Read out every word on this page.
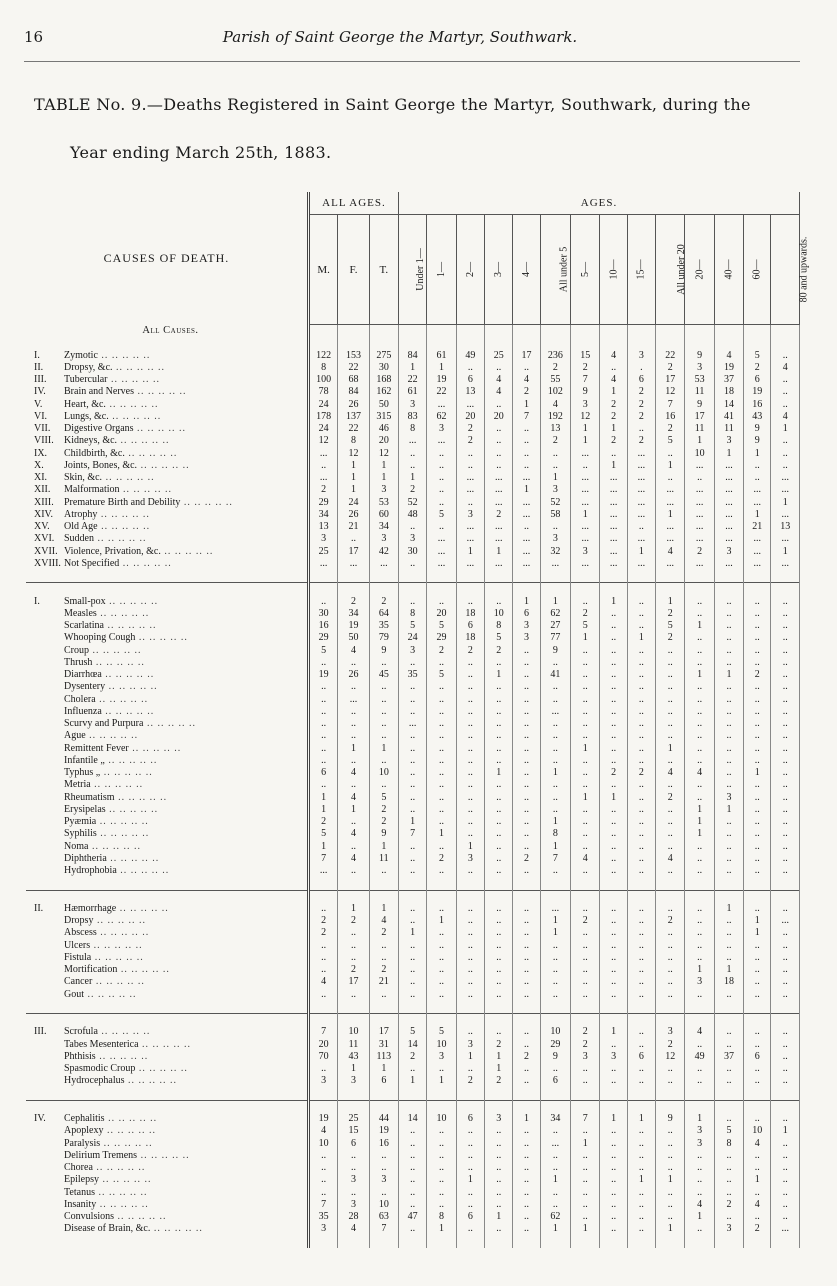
16	Parish of Saint George the Martyr, Southwark.
TABLE No. 9.—Deaths Registered in Saint George the Martyr, Southwark, during the
Year ending March 25th, 1883.
CAUSES OF DEATH.	ALL AGES.			AGES.													
	M.	F.	T.	Under 1—	1—	2—	3—	4—	All under 5	5—	10—	15—	All under 20	20—	40—	60—	80 and upwards.
All Causes.																	

I. Zymotic .. .. .. .. ..	122	153	275	84	61	49	25	17	236	15	4	3	22	9	4	5	..
II. Dropsy, &c. .. .. .. .. ..	8	22	30	1	1	..	..	..	2	2	..	.	2	3	19	2	4
III. Tubercular .. .. .. .. ..	100	68	168	22	19	6	4	4	55	7	4	6	17	53	37	6	..
IV. Brain and Nerves .. .. .. .. ..	78	84	162	61	22	13	4	2	102	9	1	2	12	11	18	19	..
V. Heart, &c. .. .. .. .. ..	24	26	50	3	...	...	..	1	4	3	2	2	7	9	14	16	..
VI. Lungs, &c. .. .. .. .. ..	178	137	315	83	62	20	20	7	192	12	2	2	16	17	41	43	4
VII. Digestive Organs .. .. .. .. ..	24	22	46	8	3	2	..	..	13	1	1	..	2	11	11	9	1
VIII. Kidneys, &c. .. .. .. .. ..	12	8	20	...	...	2	..	..	2	1	2	2	5	1	3	9	..
IX. Childbirth, &c. .. .. .. .. ..	...	12	12	..	..	..	..	..	..	...	..	...	..	10	1	1	..
X. Joints, Bones, &c. .. .. .. .. ..	..	1	1	..	..	..	..	..	..	..	1	...	1	...	...	..	..
XI. Skin, &c. .. .. .. .. ..	...	1	1	1	..	...	...	...	1	...	...	...	..	..	...	..	...
XII. Malformation .. .. .. .. ..	2	1	3	2	..	...	...	1	3	...	...	...	...	...	...	...	...
XIII. Premature Birth and Debility .. .. .. .. ..	29	24	53	52	..	..	...	...	52	...	...	...	...	...	...	...	1
XIV. Atrophy .. .. .. .. ..	34	26	60	48	5	3	2	...	58	1	...	...	1	...	...	1	...
XV. Old Age .. .. .. .. ..	13	21	34	..	..	...	...	..	..	...	...	..	...	...	...	21	13
XVI. Sudden .. .. .. .. ..	3	..	3	3	...	...	...	...	3	...	...	...	...	...	...	...	...
XVII. Violence, Privation, &c. .. .. .. .. ..	25	17	42	30	...	1	1	...	32	3	...	1	4	2	3	...	1
XVIII. Not Specified .. .. .. .. ..	...	...	...	..	...	...	...	...	...	...	...	...	...	...	...	...	...

I. Small-pox .. .. .. .. ..	..	2	2	..	..	..	..	1	1	..	1	..	1	..	..	..	..
Measles .. .. .. .. ..	30	34	64	8	20	18	10	6	62	2	..	..	2	..	..	..	..
Scarlatina .. .. .. .. ..	16	19	35	5	5	6	8	3	27	5	..	..	5	1	..	..	..
Whooping Cough .. .. .. .. ..	29	50	79	24	29	18	5	3	77	1	..	1	2	..	..	..	..
Croup .. .. .. .. ..	5	4	9	3	2	2	2	..	9	..	..	..	..	..	..	..	..
Thrush .. .. .. .. ..	..	..	..	..	..	..	..	..	..	..	..	..	..	..	..	..	..
Diarrhœa .. .. .. .. ..	19	26	45	35	5	..	1	..	41	..	..	..	..	1	1	2	..
Dysentery .. .. .. .. ..	..	..	..	..	..	..	..	..	..	..	..	..	..	..	..	..	..
Cholera .. .. .. .. ..	..	...	..	..	..	..	..	..	..	..	..	..	..	..	..	..	..
Influenza .. .. .. .. ..	..	..	..	..	..	..	..	..	...	..	..	..	..	..	..	..	..
Scurvy and Purpura .. .. .. .. ..	..	..	..	...	..	..	..	..	..	..	..	..	..	..	..	..	..
Ague .. .. .. .. ..	..	..	..	..	..	..	..	..	..	..	..	..	..	..	..	..	..
Remittent Fever .. .. .. .. ..	..	1	1	..	..	..	..	..	..	1	..	..	1	..	..	..	..
Infantile „ .. .. .. .. ..	..	..	..	..	..	..	..	..	..	..	..	..	..	..	..	..	..
Typhus „ .. .. .. .. ..	6	4	10	..	..	..	1	..	1	..	2	2	4	4	..	1	..
Metria .. .. .. .. ..	..	..	..	..	..	..	..	..	..	..	..	..	..	..	..	..	..
Rheumatism .. .. .. .. ..	1	4	5	..	..	..	..	..	..	1	1	..	2	..	3	..	..
Erysipelas .. .. .. .. ..	1	1	2	..	..	..	..	..	..	..	..	..	..	1	1	..	..
Pyæmia .. .. .. .. ..	2	..	2	1	..	..	..	..	1	..	..	..	..	1	..	..	..
Syphilis .. .. .. .. ..	5	4	9	7	1	..	..	..	8	..	..	..	..	1	..	..	..
Noma .. .. .. .. ..	1	..	1	..	..	1	..	..	1	..	..	..	..	..	..	..	..
Diphtheria .. .. .. .. ..	7	4	11	..	2	3	..	2	7	4	..	..	4	..	..	..	..
Hydrophobia .. .. .. .. ..	...	..	..	..	..	..	..	..	..	..	..	..	..	..	..	..	..

II. Hæmorrhage .. .. .. .. ..	..	1	1	..	..	..	..	..	...	..	..	..	..	..	1	..	..
Dropsy .. .. .. .. ..	2	2	4	..	1	..	..	..	1	2	..	..	2	..	..	1	...
Abscess .. .. .. .. ..	2	..	2	1	..	..	..	..	1	..	..	..	..	..	..	1	..
Ulcers .. .. .. .. ..	..	..	..	..	..	..	..	..	..	..	..	..	..	..	..	..	..
Fistula .. .. .. .. ..	..	..	..	..	..	..	..	..	..	..	..	..	..	..	..	..	..
Mortification .. .. .. .. ..	..	2	2	..	..	..	..	..	..	..	..	..	..	1	1	..	..
Cancer .. .. .. .. ..	4	17	21	..	..	..	..	..	..	..	..	..	..	3	18	..	..
Gout .. .. .. .. ..	..	..	..	..	..	..	..	..	..	..	..	..	..	..	..	..	..

III. Scrofula .. .. .. .. ..	7	10	17	5	5	..	..	..	10	2	1	..	3	4	..	..	..
Tabes Mesenterica .. .. .. .. ..	20	11	31	14	10	3	2	..	29	2	..	..	2	..	..	..	..
Phthisis .. .. .. .. ..	70	43	113	2	3	1	1	2	9	3	3	6	12	49	37	6	..
Spasmodic Croup .. .. .. .. ..	..	1	1	..	..	..	1	..	..	..	..	..	..	..	..	..	..
Hydrocephalus .. .. .. .. ..	3	3	6	1	1	2	2	..	6	..	..	..	..	..	..	..	..

IV. Cephalitis .. .. .. .. ..	19	25	44	14	10	6	3	1	34	7	1	1	9	1	..	..	..
Apoplexy .. .. .. .. ..	4	15	19	..	..	..	..	..	..	..	..	..	..	3	5	10	1
Paralysis .. .. .. .. ..	10	6	16	..	..	..	..	..	...	1	..	..	..	3	8	4	..
Delirium Tremens .. .. .. .. ..	..	..	..	..	..	..	..	..	..	..	..	..	..	..	..	..	..
Chorea .. .. .. .. ..	..	..	..	..	..	..	..	..	..	..	..	..	..	..	..	..	..
Epilepsy .. .. .. .. ..	..	3	3	..	..	1	..	..	1	..	..	1	1	..	..	1	..
Tetanus .. .. .. .. ..	..	..	..	..	..	..	..	..	..	..	..	..	..	..	..	..	..
Insanity .. .. .. .. ..	7	3	10	..	..	..	..	..	..	..	..	..	..	4	2	4	..
Convulsions .. .. .. .. ..	35	28	63	47	8	6	1	..	62	..	..	..	..	1	..	..	..
Disease of Brain, &c. .. .. .. .. ..	3	4	7	..	1	..	..	..	1	1	..	..	1	..	3	2	...
